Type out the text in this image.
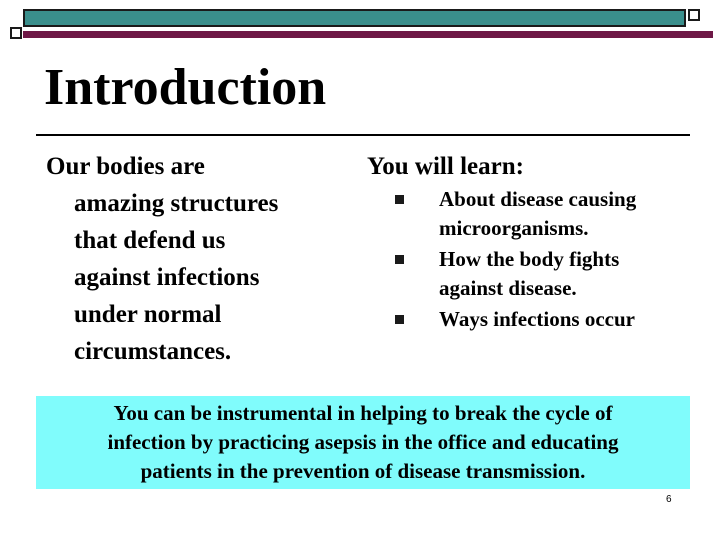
Introduction
Our bodies are
amazing structures
that defend us
against infections
under normal
circumstances.
You will learn:
About disease causing
microorganisms.
How the body fights
against disease.
Ways infections occur
You can be instrumental in helping to break the cycle of
infection by practicing asepsis in the office and educating
patients in the prevention of disease transmission.
6
